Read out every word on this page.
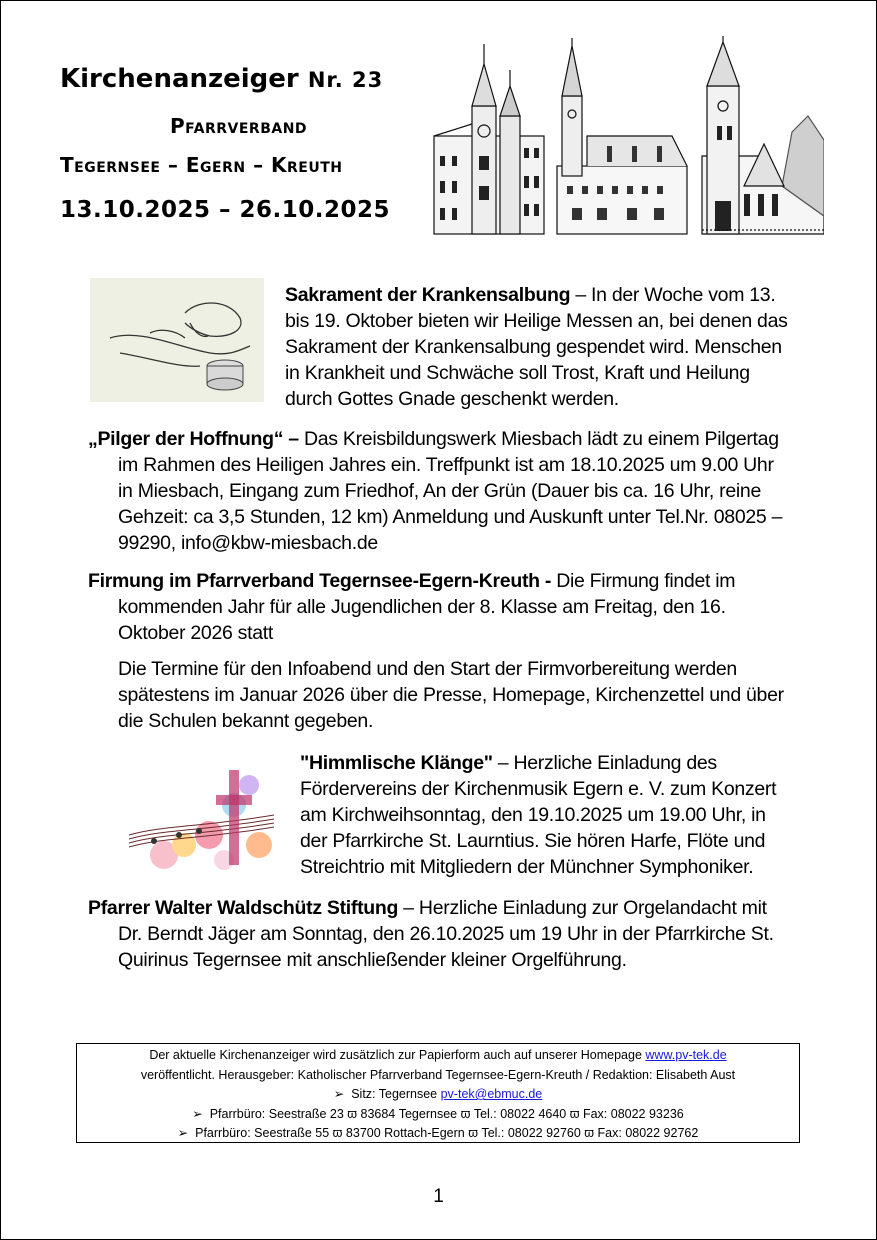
Kirchenanzeiger Nr. 23
Pfarrverband
Tegernsee – Egern – Kreuth
13.10.2025 – 26.10.2025
Sakrament der Krankensalbung – In der Woche vom 13.
bis 19. Oktober bieten wir Heilige Messen an, bei denen das
Sakrament der Krankensalbung gespendet wird. Menschen
in Krankheit und Schwäche soll Trost, Kraft und Heilung
durch Gottes Gnade geschenkt werden.
„Pilger der Hoffnung“ – Das Kreisbildungswerk Miesbach lädt zu einem Pilgertag
im Rahmen des Heiligen Jahres ein. Treffpunkt ist am 18.10.2025 um 9.00 Uhr
in Miesbach, Eingang zum Friedhof, An der Grün (Dauer bis ca. 16 Uhr, reine
Gehzeit: ca 3,5 Stunden, 12 km) Anmeldung und Auskunft unter Tel.Nr. 08025 –
99290, info@kbw-miesbach.de
Firmung im Pfarrverband Tegernsee-Egern-Kreuth - Die Firmung findet im
kommenden Jahr für alle Jugendlichen der 8. Klasse am Freitag, den 16.
Oktober 2026 statt
Die Termine für den Infoabend und den Start der Firmvorbereitung werden
spätestens im Januar 2026 über die Presse, Homepage, Kirchenzettel und über
die Schulen bekannt gegeben.
"Himmlische Klänge" – Herzliche Einladung des
Fördervereins der Kirchenmusik Egern e. V. zum Konzert
am Kirchweihsonntag, den 19.10.2025 um 19.00 Uhr, in
der Pfarrkirche St. Laurntius. Sie hören Harfe, Flöte und
Streichtrio mit Mitgliedern der Münchner Symphoniker.
Pfarrer Walter Waldschütz Stiftung – Herzliche Einladung zur Orgelandacht mit
Dr. Berndt Jäger am Sonntag, den 26.10.2025 um 19 Uhr in der Pfarrkirche St.
Quirinus Tegernsee mit anschließender kleiner Orgelführung.
Der aktuelle Kirchenanzeiger wird zusätzlich zur Papierform auch auf unserer Homepage www.pv-tek.de
veröffentlicht. Herausgeber: Katholischer Pfarrverband Tegernsee-Egern-Kreuth / Redaktion: Elisabeth Aust
➢ Sitz: Tegernsee pv-tek@ebmuc.de
➢ Pfarrbüro: Seestraße 23 ϖ 83684 Tegernsee ϖ Tel.: 08022 4640 ϖ Fax: 08022 93236
➢ Pfarrbüro: Seestraße 55 ϖ 83700 Rottach-Egern ϖ Tel.: 08022 92760 ϖ Fax: 08022 92762
1
